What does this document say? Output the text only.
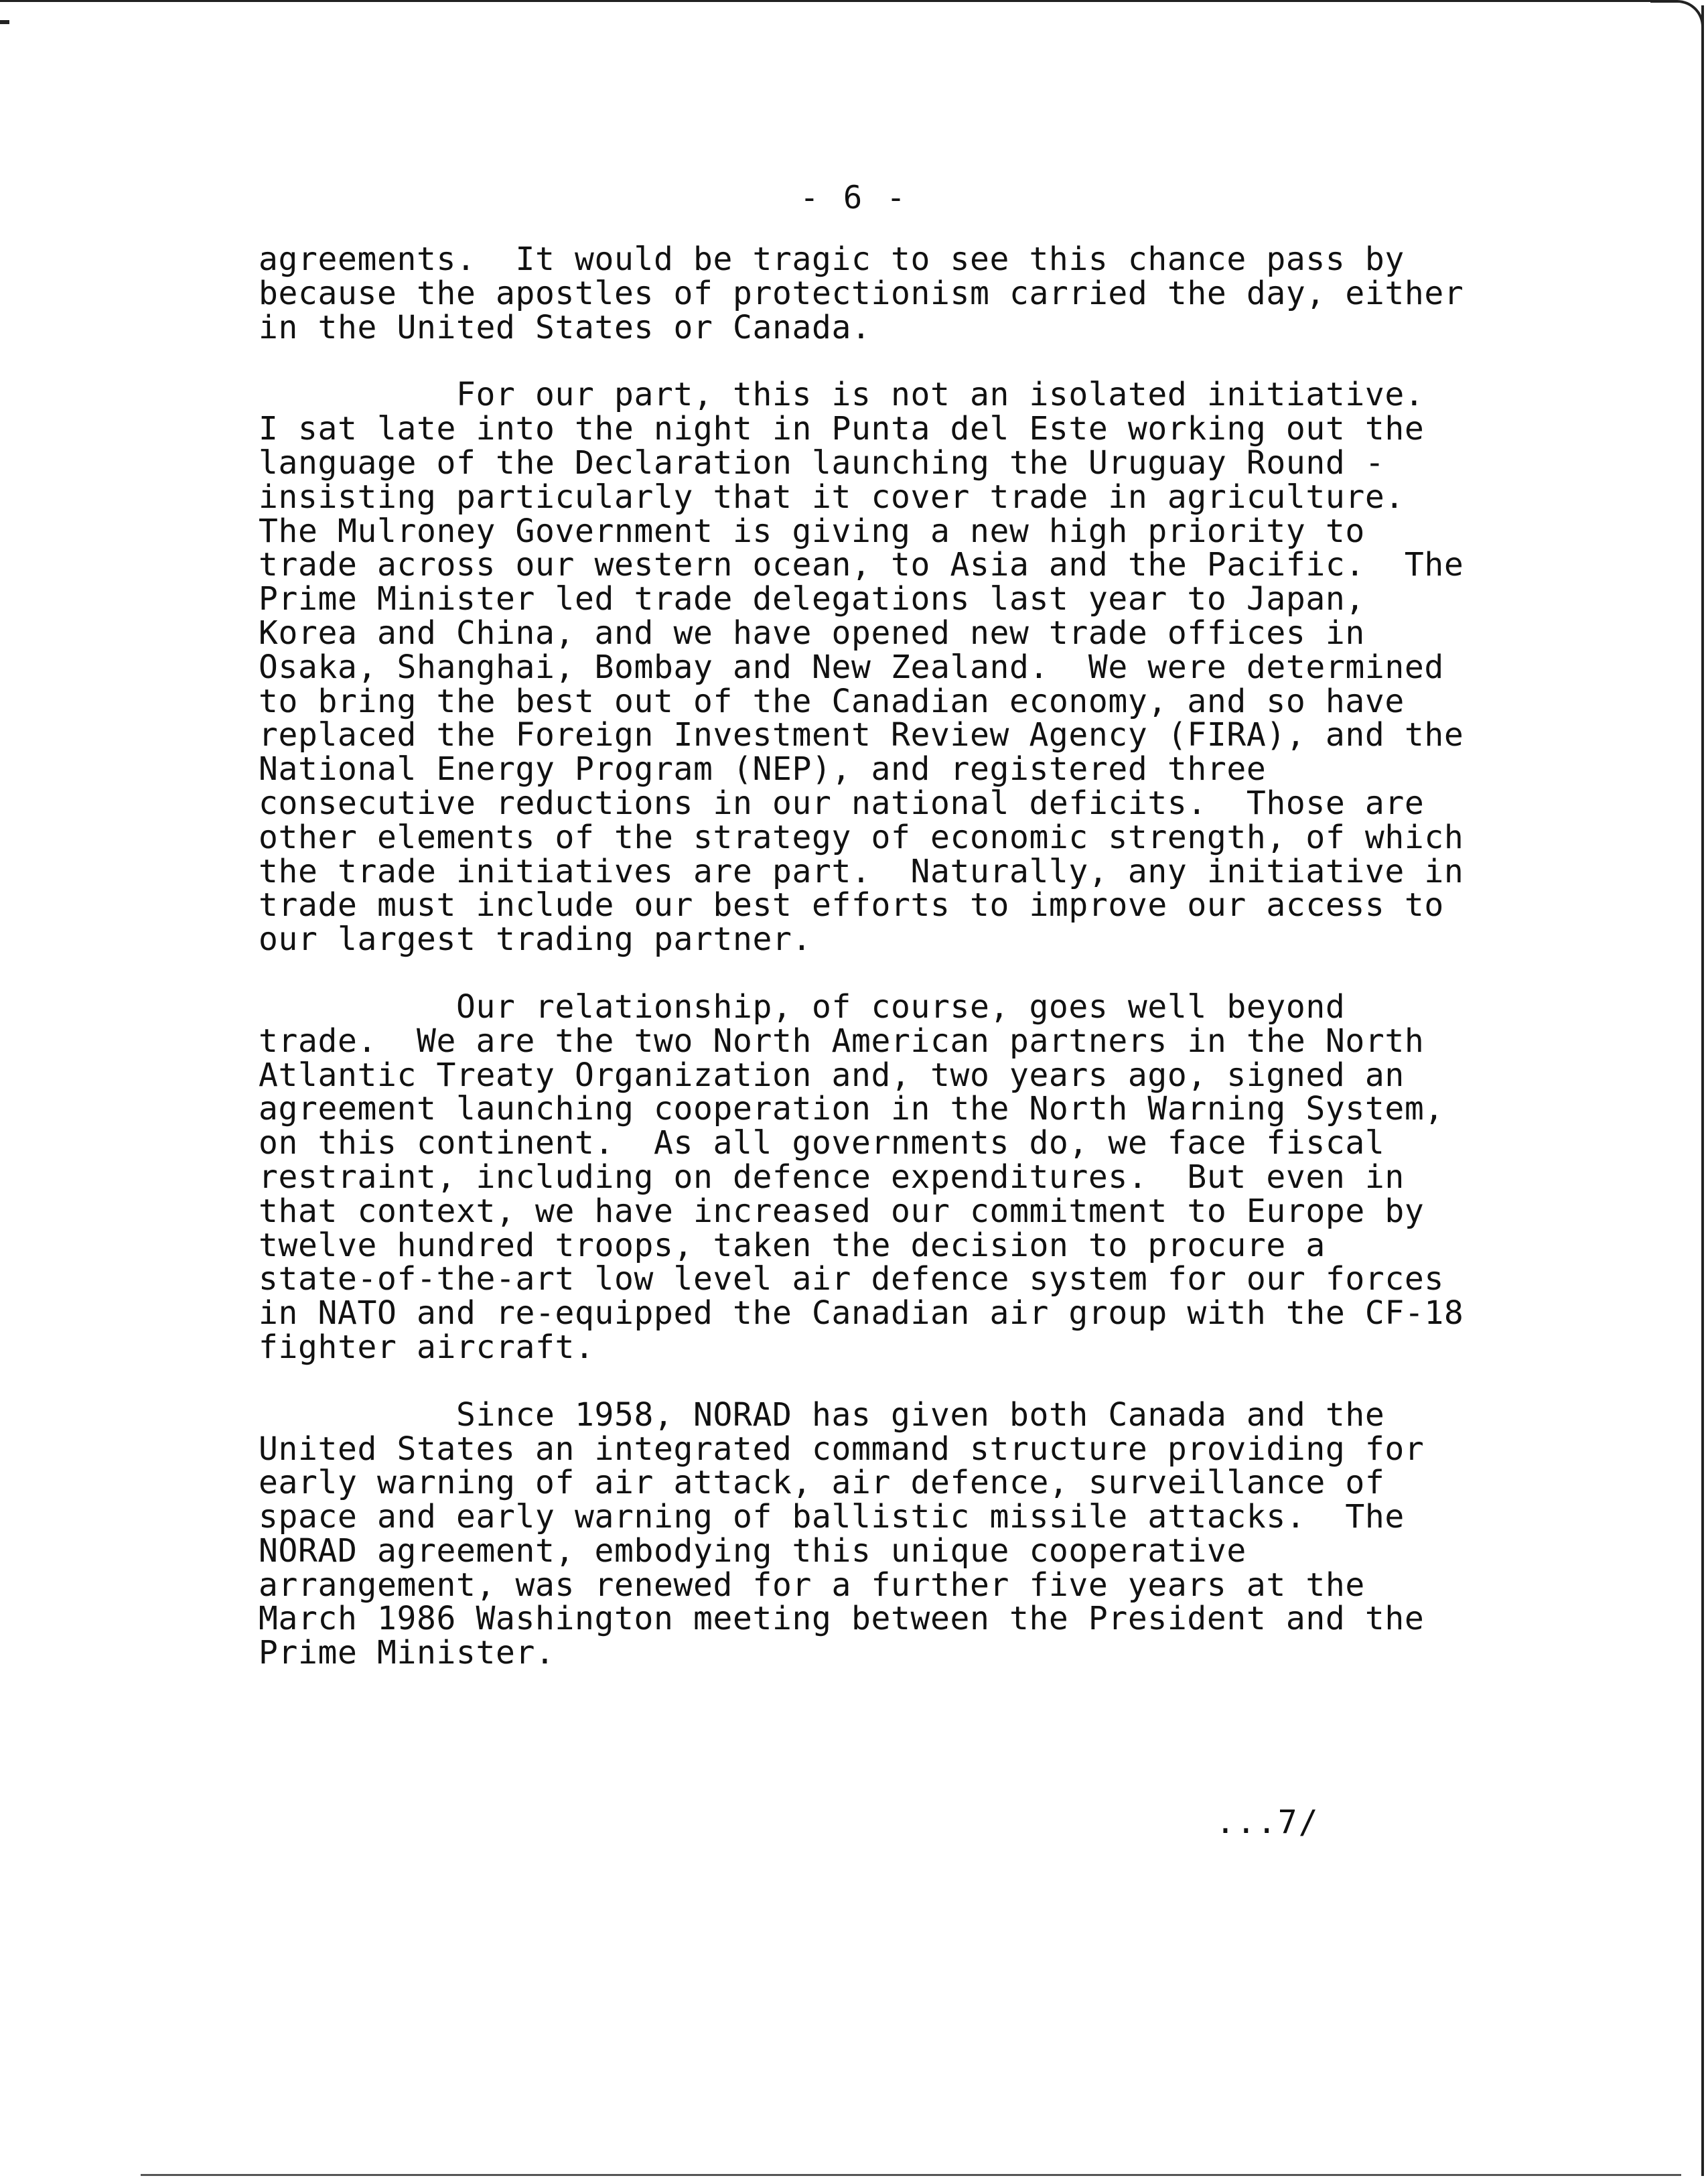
- 6 -

agreements.  It would be tragic to see this chance pass by
because the apostles of protectionism carried the day, either
in the United States or Canada.

For our part, this is not an isolated initiative.
I sat late into the night in Punta del Este working out the
language of the Declaration launching the Uruguay Round -
insisting particularly that it cover trade in agriculture.
The Mulroney Government is giving a new high priority to
trade across our western ocean, to Asia and the Pacific.  The
Prime Minister led trade delegations last year to Japan,
Korea and China, and we have opened new trade offices in
Osaka, Shanghai, Bombay and New Zealand.  We were determined
to bring the best out of the Canadian economy, and so have
replaced the Foreign Investment Review Agency (FIRA), and the
National Energy Program (NEP), and registered three
consecutive reductions in our national deficits.  Those are
other elements of the strategy of economic strength, of which
the trade initiatives are part.  Naturally, any initiative in
trade must include our best efforts to improve our access to
our largest trading partner.

Our relationship, of course, goes well beyond
trade.  We are the two North American partners in the North
Atlantic Treaty Organization and, two years ago, signed an
agreement launching cooperation in the North Warning System,
on this continent.  As all governments do, we face fiscal
restraint, including on defence expenditures.  But even in
that context, we have increased our commitment to Europe by
twelve hundred troops, taken the decision to procure a
state-of-the-art low level air defence system for our forces
in NATO and re-equipped the Canadian air group with the CF-18
fighter aircraft.

Since 1958, NORAD has given both Canada and the
United States an integrated command structure providing for
early warning of air attack, air defence, surveillance of
space and early warning of ballistic missile attacks.  The
NORAD agreement, embodying this unique cooperative
arrangement, was renewed for a further five years at the
March 1986 Washington meeting between the President and the
Prime Minister.

...7/
